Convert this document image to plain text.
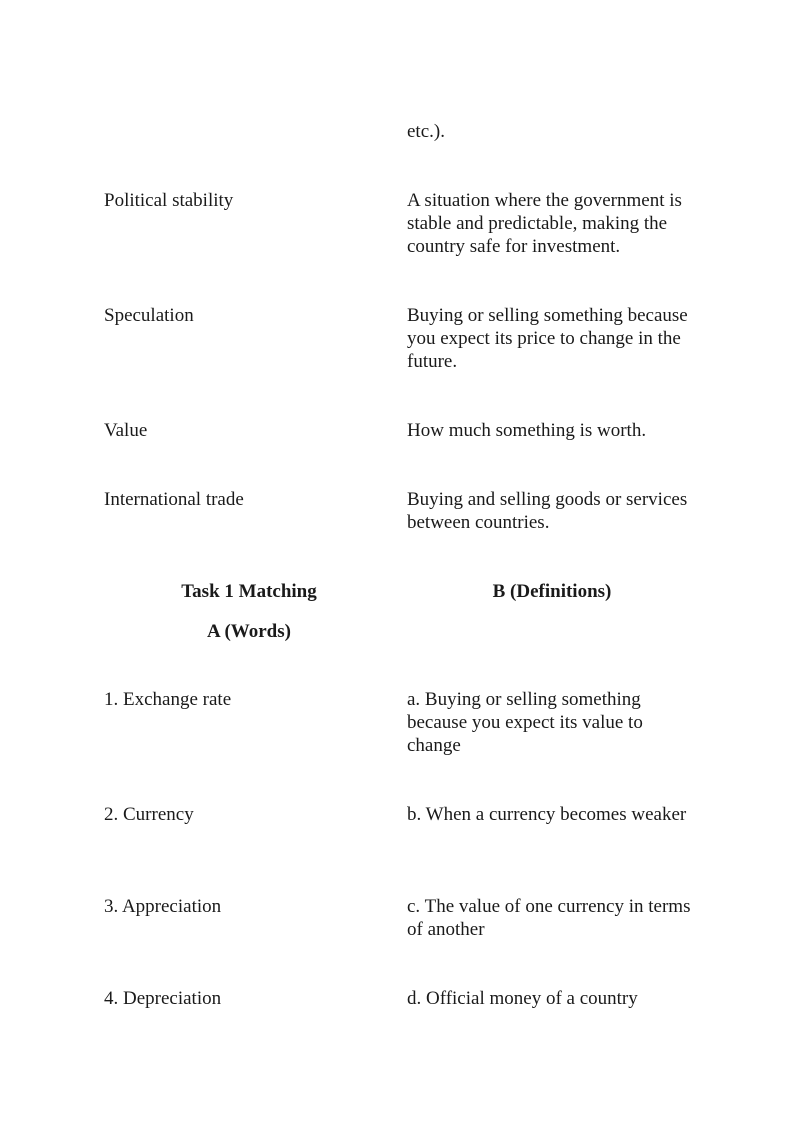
etc.).
Political stability	A situation where the government is stable and predictable, making the country safe for investment.
Speculation	Buying or selling something because you expect its price to change in the future.
Value	How much something is worth.
International trade	Buying and selling goods or services between countries.
Task 1 Matching	B (Definitions)
A (Words)
1. Exchange rate	a. Buying or selling something because you expect its value to change
2. Currency	b. When a currency becomes weaker
3. Appreciation	c. The value of one currency in terms of another
4. Depreciation	d. Official money of a country
